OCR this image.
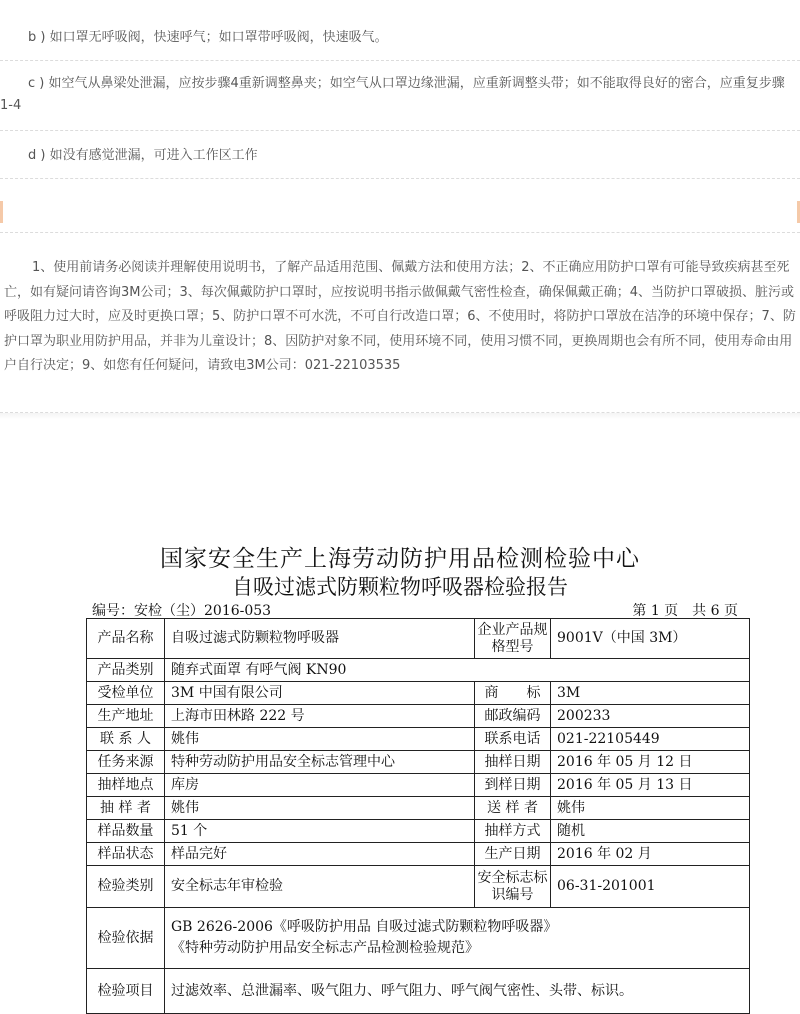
b ) 如口罩无呼吸阀，快速呼气；如口罩带呼吸阀，快速吸气。

c ) 如空气从鼻梁处泄漏，应按步骤4重新调整鼻夹；如空气从口罩边缘泄漏，应重新调整头带；如不能取得良好的密合，应重复步骤1-4

d ) 如没有感觉泄漏，可进入工作区工作

1、使用前请务必阅读并理解使用说明书，了解产品适用范围、佩戴方法和使用方法；2、不正确应用防护口罩有可能导致疾病甚至死亡，如有疑问请咨询3M公司；3、每次佩戴防护口罩时，应按说明书指示做佩戴气密性检查，确保佩戴正确；4、当防护口罩破损、脏污或呼吸阻力过大时，应及时更换口罩；5、防护口罩不可水洗，不可自行改造口罩；6、不使用时，将防护口罩放在洁净的环境中保存；7、防护口罩为职业用防护用品，并非为儿童设计；8、因防护对象不同，使用环境不同，使用习惯不同，更换周期也会有所不同，使用寿命由用户自行决定；9、如您有任何疑问，请致电3M公司：021-22103535

国家安全生产上海劳动防护用品检测检验中心
自吸过滤式防颗粒物呼吸器检验报告
编号：安检（尘）2016-053	第 1 页　共 6 页
产品名称	自吸过滤式防颗粒物呼吸器	企业产品规格型号	9001V（中国 3M）
产品类别	随弃式面罩 有呼气阀 KN90		
受检单位	3M 中国有限公司	商　　标	3M
生产地址	上海市田林路 222 号	邮政编码	200233
联 系 人	姚伟	联系电话	021-22105449
任务来源	特种劳动防护用品安全标志管理中心	抽样日期	2016 年 05 月 12 日
抽样地点	库房	到样日期	2016 年 05 月 13 日
抽 样 者	姚伟	送 样 者	姚伟
样品数量	51 个	抽样方式	随机
样品状态	样品完好	生产日期	2016 年 02 月
检验类别	安全标志年审检验	安全标志标识编号	06-31-201001
检验依据	GB 2626-2006《呼吸防护用品 自吸过滤式防颗粒物呼吸器》
《特种劳动防护用品安全标志产品检测检验规范》		

检验项目	过滤效率、总泄漏率、吸气阻力、呼气阻力、呼气阀气密性、头带、标识。		
